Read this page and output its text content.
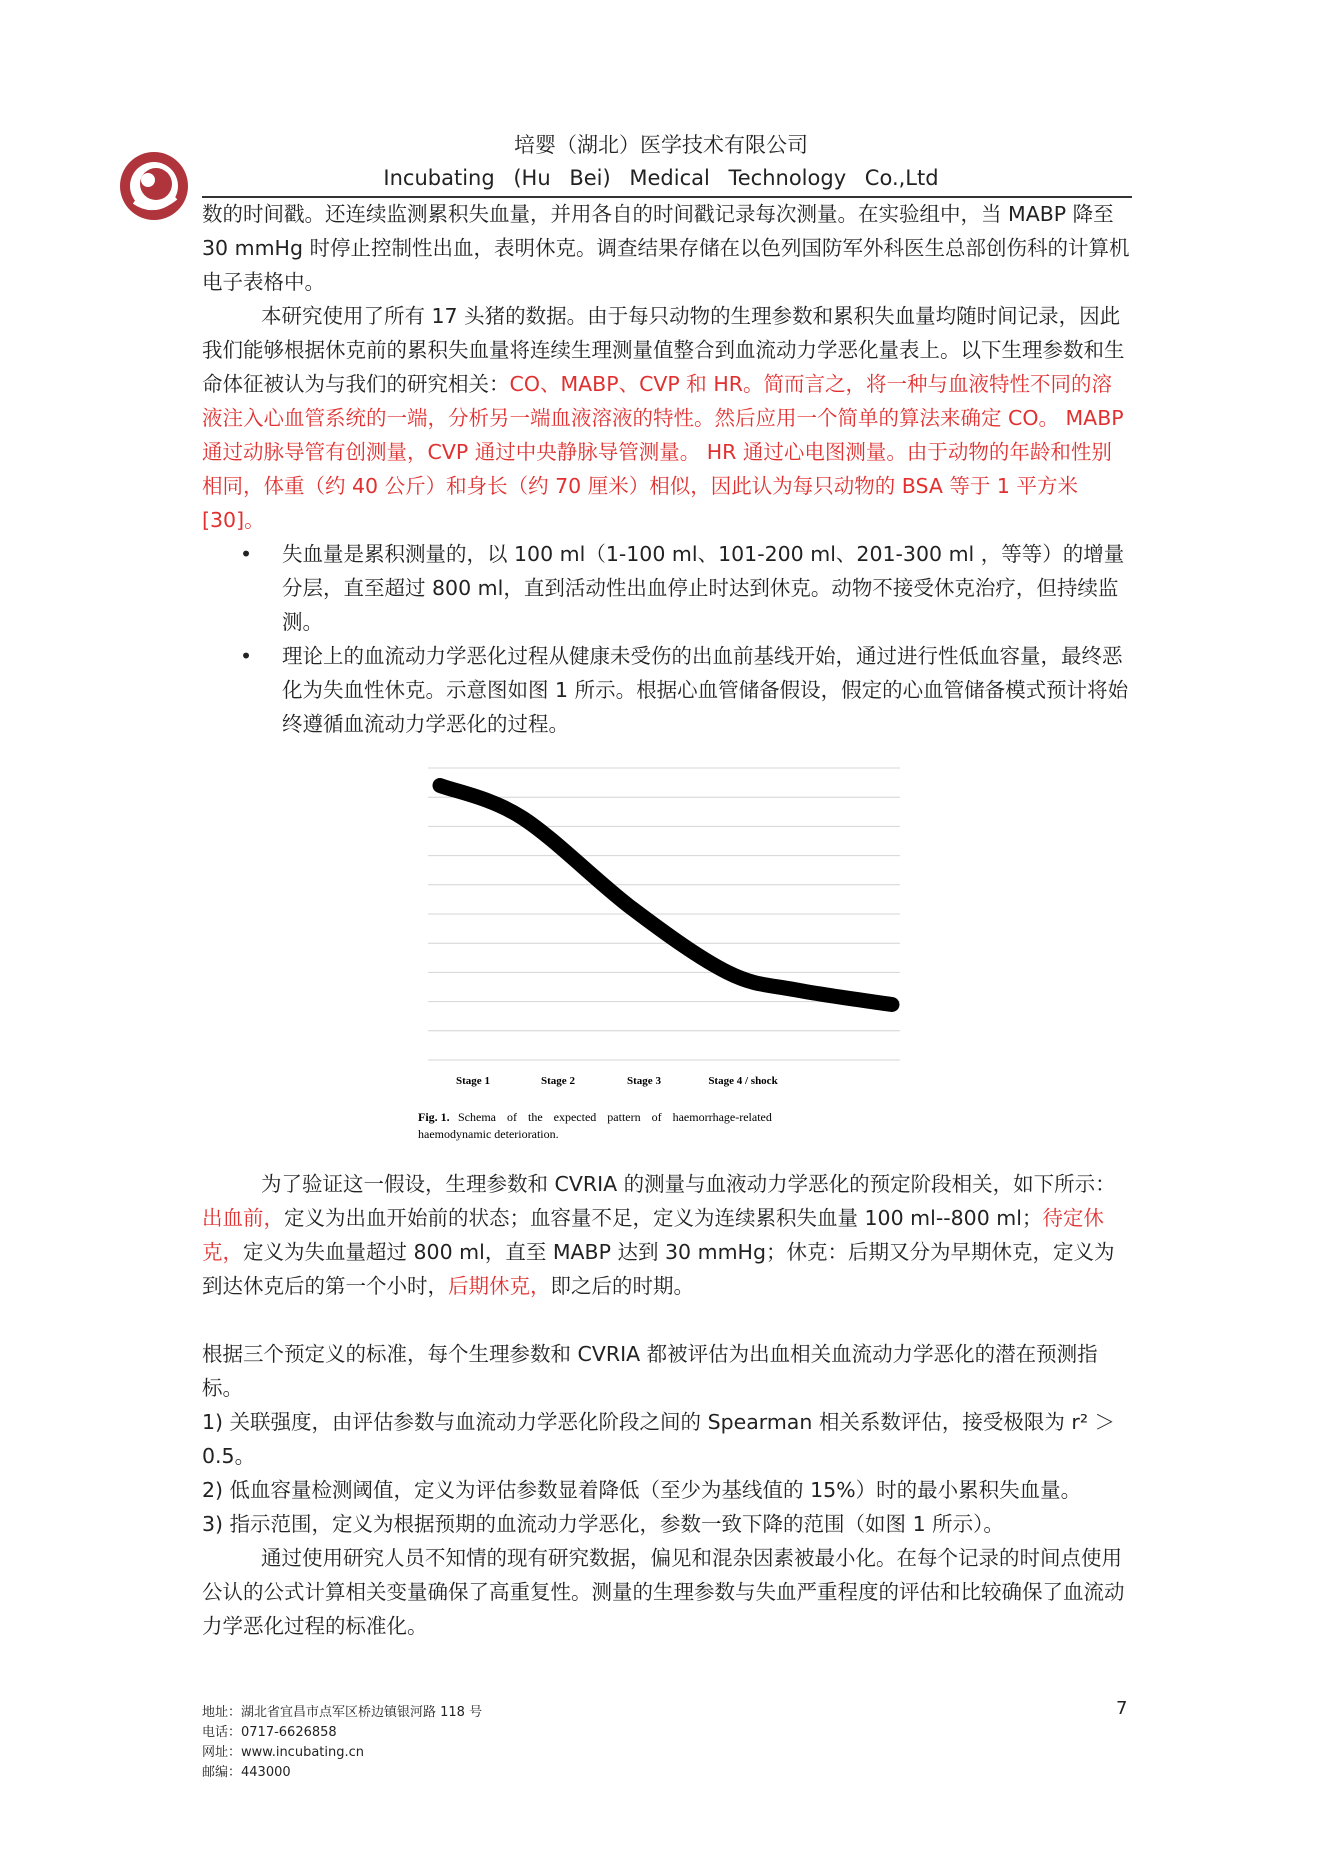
培婴（湖北）医学技术有限公司
Incubating (Hu Bei) Medical Technology Co.,Ltd

数的时间戳。还连续监测累积失血量，并用各自的时间戳记录每次测量。在实验组中，当 MABP 降至 30 mmHg 时停止控制性出血，表明休克。调查结果存储在以色列国防军外科医生总部创伤科的计算机电子表格中。

本研究使用了所有 17 头猪的数据。由于每只动物的生理参数和累积失血量均随时间记录，因此我们能够根据休克前的累积失血量将连续生理测量值整合到血流动力学恶化量表上。以下生理参数和生命体征被认为与我们的研究相关：CO、MABP、CVP 和 HR。简而言之，将一种与血液特性不同的溶液注入心血管系统的一端，分析另一端血液溶液的特性。然后应用一个简单的算法来确定 CO。 MABP 通过动脉导管有创测量，CVP 通过中央静脉导管测量。 HR 通过心电图测量。由于动物的年龄和性别相同，体重（约 40 公斤）和身长（约 70 厘米）相似，因此认为每只动物的 BSA 等于 1 平方米 [30]。

• 失血量是累积测量的，以 100 ml（1-100 ml、101-200 ml、201-300 ml ，等等）的增量分层，直至超过 800 ml，直到活动性出血停止时达到休克。动物不接受休克治疗，但持续监测。
• 理论上的血流动力学恶化过程从健康未受伤的出血前基线开始，通过进行性低血容量，最终恶化为失血性休克。示意图如图 1 所示。根据心血管储备假设，假定的心血管储备模式预计将始终遵循血流动力学恶化的过程。
Stage 1	Stage 2	Stage 3	Stage 4 / shock
Fig. 1. Schema of the expected pattern of haemorrhage-related
haemodynamic deterioration.

为了验证这一假设，生理参数和 CVRIA 的测量与血液动力学恶化的预定阶段相关，如下所示： 出血前，定义为出血开始前的状态；血容量不足，定义为连续累积失血量 100 ml--800 ml；待定休克，定义为失血量超过 800 ml，直至 MABP 达到 30 mmHg；休克：后期又分为早期休克，定义为到达休克后的第一个小时，后期休克，即之后的时期。

根据三个预定义的标准，每个生理参数和 CVRIA 都被评估为出血相关血流动力学恶化的潜在预测指标。

1) 关联强度，由评估参数与血流动力学恶化阶段之间的 Spearman 相关系数评估，接受极限为 r² ＞0.5。

2) 低血容量检测阈值，定义为评估参数显着降低（至少为基线值的 15%）时的最小累积失血量。

3) 指示范围，定义为根据预期的血流动力学恶化，参数一致下降的范围（如图 1 所示）。

通过使用研究人员不知情的现有研究数据，偏见和混杂因素被最小化。在每个记录的时间点使用公认的公式计算相关变量确保了高重复性。测量的生理参数与失血严重程度的评估和比较确保了血流动力学恶化过程的标准化。

地址：湖北省宜昌市点军区桥边镇银河路 118 号
电话：0717-6626858
网址：www.incubating.cn
邮编：443000
7
